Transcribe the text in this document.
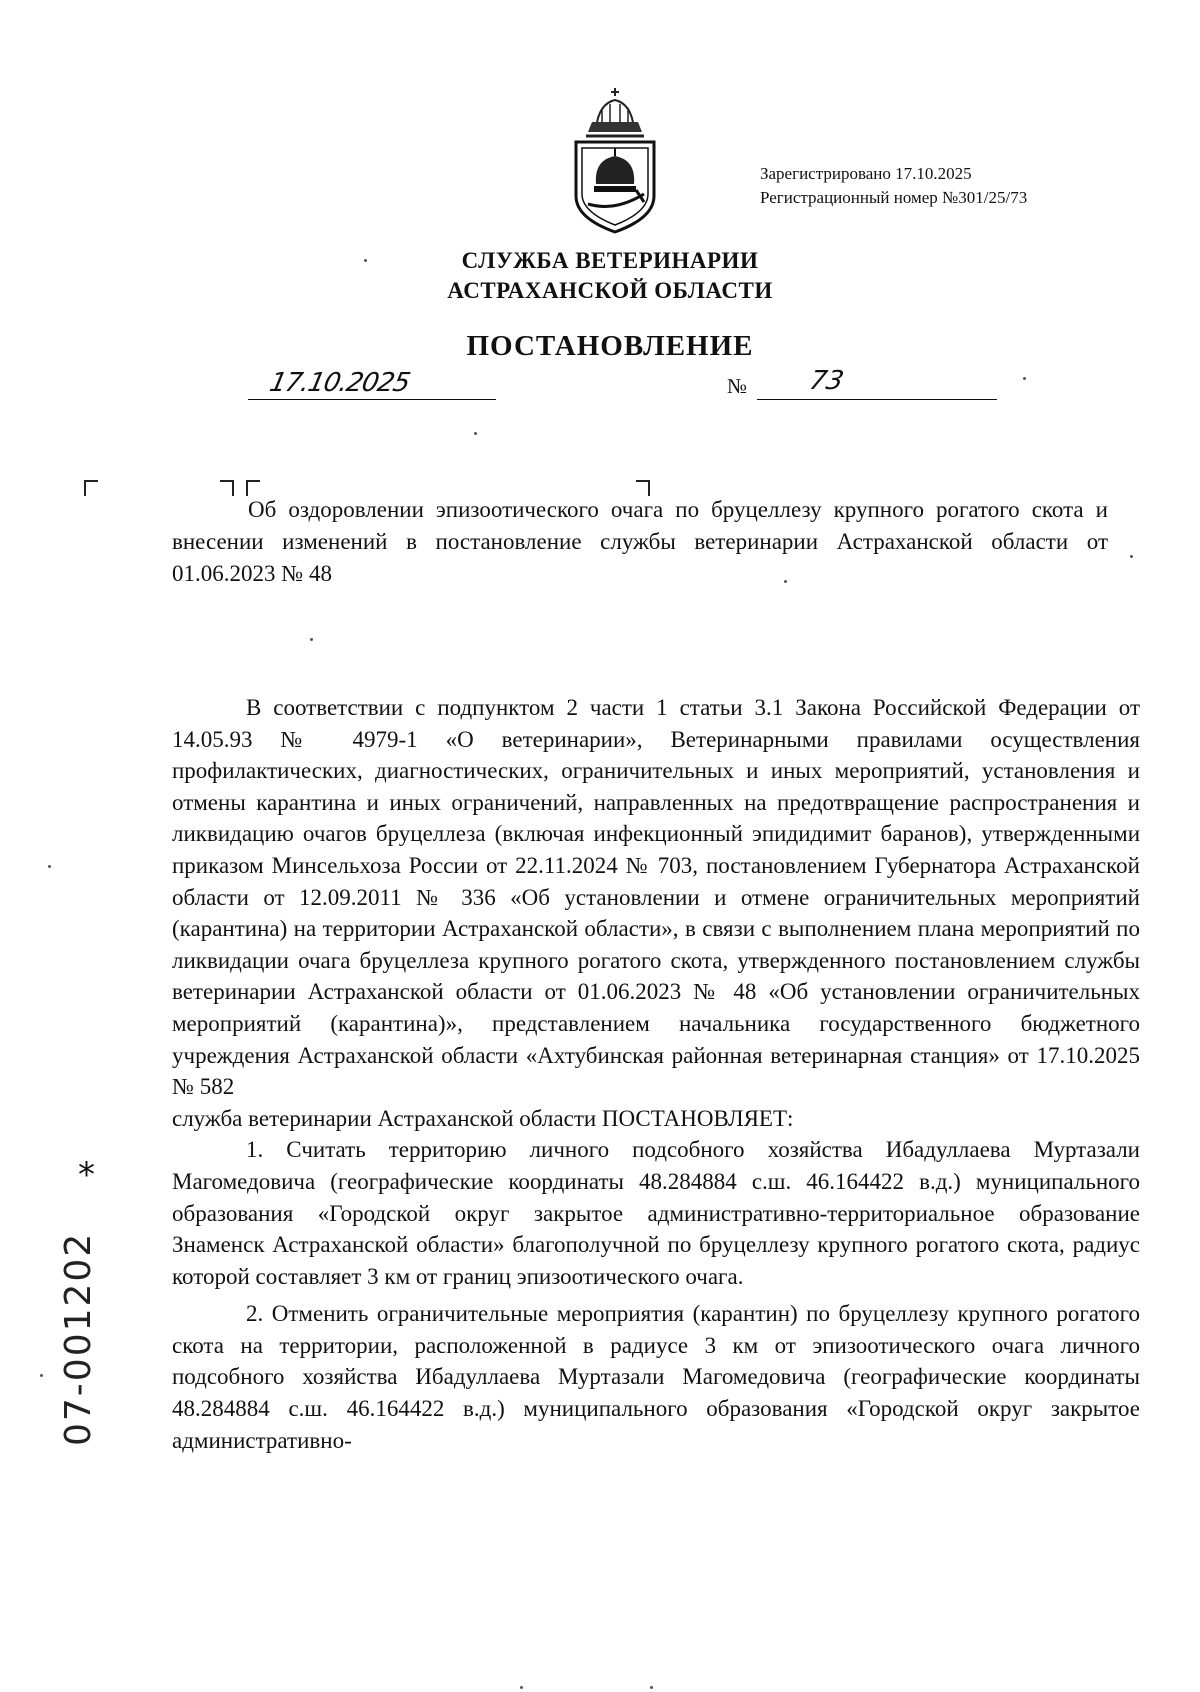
Зарегистрировано 17.10.2025
Регистрационный номер №301/25/73
СЛУЖБА ВЕТЕРИНАРИИ
АСТРАХАНСКОЙ ОБЛАСТИ
ПОСТАНОВЛЕНИЕ
17.10.2025	№ 73
Об оздоровлении эпизоотического очага по бруцеллезу крупного рогатого скота и внесении изменений в постановление службы ветеринарии Астраханской области от 01.06.2023 № 48

В соответствии с подпунктом 2 части 1 статьи 3.1 Закона Российской Федерации от 14.05.93 № 4979-1 «О ветеринарии», Ветеринарными правилами осуществления профилактических, диагностических, ограничительных и иных мероприятий, установления и отмены карантина и иных ограничений, направленных на предотвращение распространения и ликвидацию очагов бруцеллеза (включая инфекционный эпидидимит баранов), утвержденными приказом Минсельхоза России от 22.11.2024 № 703, постановлением Губернатора Астраханской области от 12.09.2011 № 336 «Об установлении и отмене ограничительных мероприятий (карантина) на территории Астраханской области», в связи с выполнением плана мероприятий по ликвидации очага бруцеллеза крупного рогатого скота, утвержденного постановлением службы ветеринарии Астраханской области от 01.06.2023 № 48 «Об установлении ограничительных мероприятий (карантина)», представлением начальника государственного бюджетного учреждения Астраханской области «Ахтубинская районная ветеринарная станция» от 17.10.2025 № 582

служба ветеринарии Астраханской области ПОСТАНОВЛЯЕТ:

1. Считать территорию личного подсобного хозяйства Ибадуллаева Муртазали Магомедовича (географические координаты 48.284884 с.ш. 46.164422 в.д.) муниципального образования «Городской округ закрытое административно-территориальное образование Знаменск Астраханской области» благополучной по бруцеллезу крупного рогатого скота, радиус которой составляет 3 км от границ эпизоотического очага.

2. Отменить ограничительные мероприятия (карантин) по бруцеллезу крупного рогатого скота на территории, расположенной в радиусе 3 км от эпизоотического очага личного подсобного хозяйства Ибадуллаева Муртазали Магомедовича (географические координаты 48.284884 с.ш. 46.164422 в.д.) муниципального образования «Городской округ закрытое административно-

*
07-001202
